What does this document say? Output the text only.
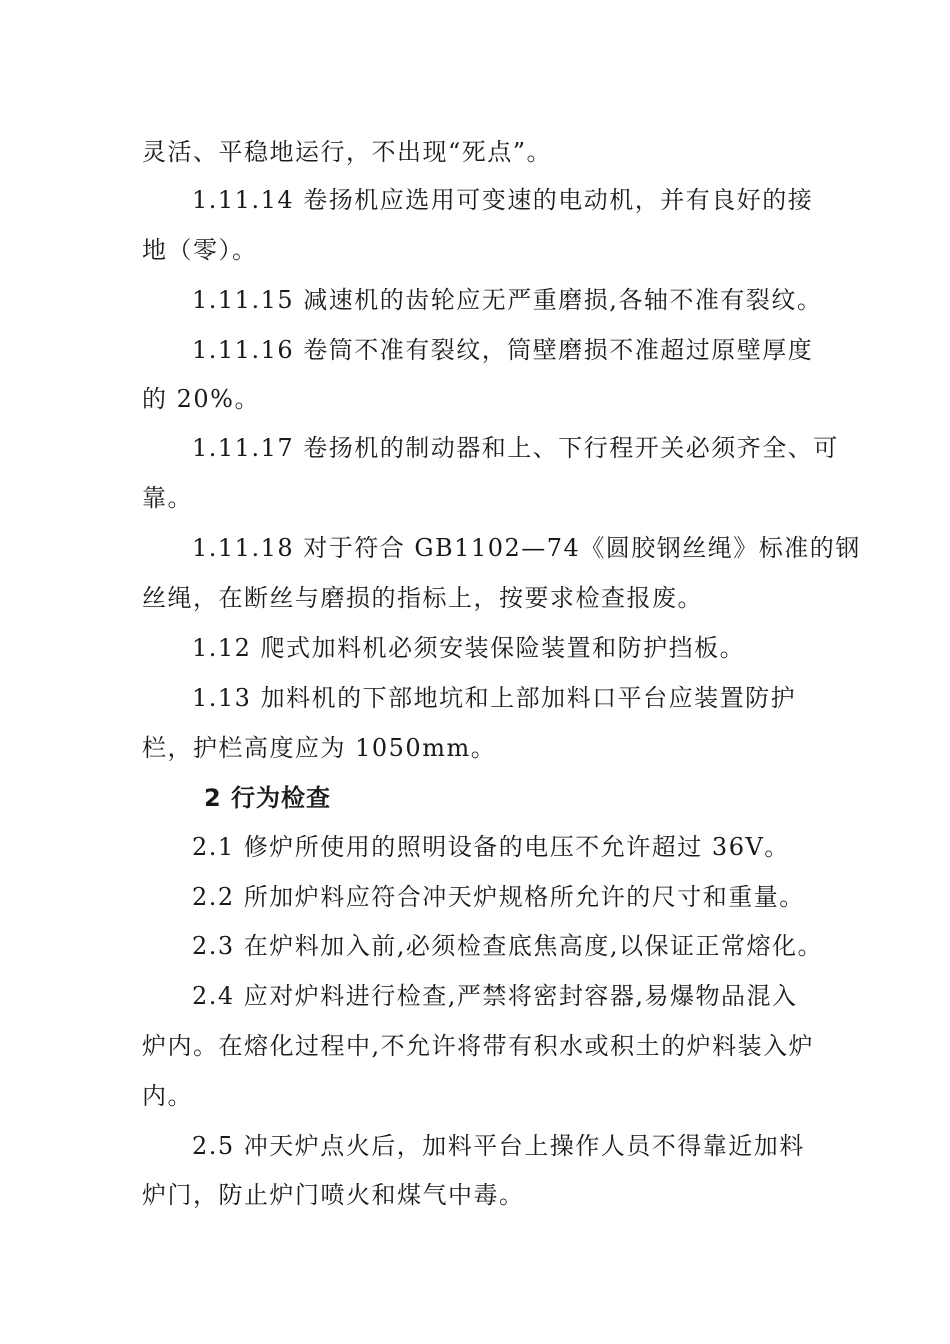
灵活、平稳地运行，不出现“死点”。
1.11.14 卷扬机应选用可变速的电动机，并有良好的接
地（零）。
1.11.15 减速机的齿轮应无严重磨损,各轴不准有裂纹。
1.11.16 卷筒不准有裂纹，筒壁磨损不准超过原壁厚度
的 20%。
1.11.17 卷扬机的制动器和上、下行程开关必须齐全、可
靠。
1.11.18 对于符合 GB1102—74《圆胶钢丝绳》标准的钢
丝绳，在断丝与磨损的指标上，按要求检查报废。
1.12 爬式加料机必须安装保险装置和防护挡板。
1.13 加料机的下部地坑和上部加料口平台应装置防护
栏，护栏高度应为 1050mm。
2 行为检查
2.1 修炉所使用的照明设备的电压不允许超过 36V。
2.2 所加炉料应符合冲天炉规格所允许的尺寸和重量。
2.3 在炉料加入前,必须检查底焦高度,以保证正常熔化。
2.4 应对炉料进行检查,严禁将密封容器,易爆物品混入
炉内。在熔化过程中,不允许将带有积水或积土的炉料装入炉
内。
2.5 冲天炉点火后，加料平台上操作人员不得靠近加料
炉门，防止炉门喷火和煤气中毒。
